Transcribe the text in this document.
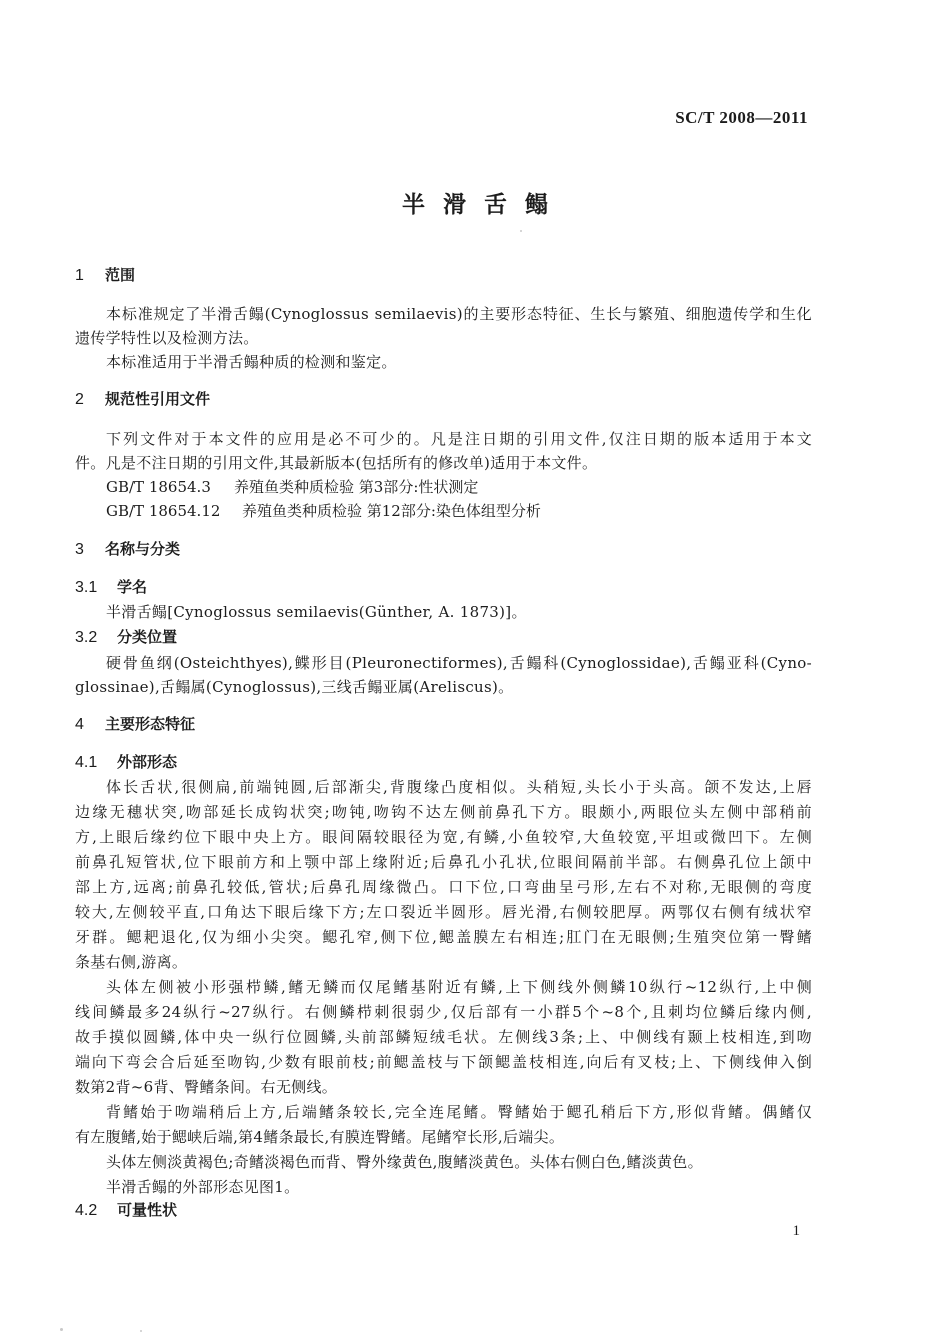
SC/T 2008—2011
半滑舌鳎
1 范围
本标准规定了半滑舌鳎(Cynoglossus semilaevis)的主要形态特征、生长与繁殖、细胞遗传学和生化
遗传学特性以及检测方法。
本标准适用于半滑舌鳎种质的检测和鉴定。
2 规范性引用文件
下列文件对于本文件的应用是必不可少的。凡是注日期的引用文件,仅注日期的版本适用于本文
件。凡是不注日期的引用文件,其最新版本(包括所有的修改单)适用于本文件。
GB/T 18654.3 养殖鱼类种质检验 第3部分:性状测定
GB/T 18654.12 养殖鱼类种质检验 第12部分:染色体组型分析
3 名称与分类
3.1 学名
半滑舌鳎[Cynoglossus semilaevis(Günther, A. 1873)]。
3.2 分类位置
硬骨鱼纲(Osteichthyes),鲽形目(Pleuronectiformes),舌鳎科(Cynoglossidae),舌鳎亚科(Cyno-
glossinae),舌鳎属(Cynoglossus),三线舌鳎亚属(Areliscus)。
4 主要形态特征
4.1 外部形态
体长舌状,很侧扁,前端钝圆,后部渐尖,背腹缘凸度相似。头稍短,头长小于头高。颌不发达,上唇
边缘无穗状突,吻部延长成钩状突;吻钝,吻钩不达左侧前鼻孔下方。眼颇小,两眼位头左侧中部稍前
方,上眼后缘约位下眼中央上方。眼间隔较眼径为宽,有鳞,小鱼较窄,大鱼较宽,平坦或微凹下。左侧
前鼻孔短管状,位下眼前方和上颚中部上缘附近;后鼻孔小孔状,位眼间隔前半部。右侧鼻孔位上颌中
部上方,远离;前鼻孔较低,管状;后鼻孔周缘微凸。口下位,口弯曲呈弓形,左右不对称,无眼侧的弯度
较大,左侧较平直,口角达下眼后缘下方;左口裂近半圆形。唇光滑,右侧较肥厚。两鄂仅右侧有绒状窄
牙群。鳃耙退化,仅为细小尖突。鳃孔窄,侧下位,鳃盖膜左右相连;肛门在无眼侧;生殖突位第一臀鳍
条基右侧,游离。
头体左侧被小形强栉鳞,鳍无鳞而仅尾鳍基附近有鳞,上下侧线外侧鳞10纵行~12纵行,上中侧
线间鳞最多24纵行~27纵行。右侧鳞栉刺很弱少,仅后部有一小群5个~8个,且刺均位鳞后缘内侧,
故手摸似圆鳞,体中央一纵行位圆鳞,头前部鳞短绒毛状。左侧线3条;上、中侧线有颞上枝相连,到吻
端向下弯会合后延至吻钩,少数有眼前枝;前鳃盖枝与下颌鳃盖枝相连,向后有叉枝;上、下侧线伸入倒
数第2背~6背、臀鳍条间。右无侧线。
背鳍始于吻端稍后上方,后端鳍条较长,完全连尾鳍。臀鳍始于鳃孔稍后下方,形似背鳍。偶鳍仅
有左腹鳍,始于鳃峡后端,第4鳍条最长,有膜连臀鳍。尾鳍窄长形,后端尖。
头体左侧淡黄褐色;奇鳍淡褐色而背、臀外缘黄色,腹鳍淡黄色。头体右侧白色,鳍淡黄色。
半滑舌鳎的外部形态见图1。
4.2 可量性状
1
